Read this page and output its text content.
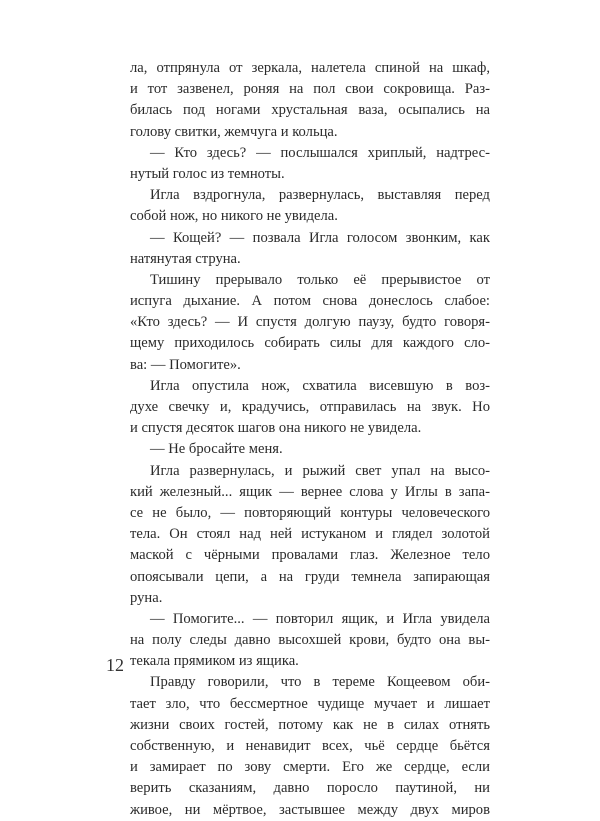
ла, отпрянула от зеркала, налетела спиной на шкаф,
и тот зазвенел, роняя на пол свои сокровища. Раз-
билась под ногами хрустальная ваза, осыпались на
голову свитки, жемчуга и кольца.
— Кто здесь? — послышался хриплый, надтрес-
нутый голос из темноты.
Игла вздрогнула, развернулась, выставляя перед
собой нож, но никого не увидела.
— Кощей? — позвала Игла голосом звонким, как
натянутая струна.
Тишину прерывало только её прерывистое от
испуга дыхание. А потом снова донеслось слабое:
«Кто здесь? — И спустя долгую паузу, будто говоря-
щему приходилось собирать силы для каждого сло-
ва: — Помогите».
Игла опустила нож, схватила висевшую в воз-
духе свечку и, крадучись, отправилась на звук. Но
и спустя десяток шагов она никого не увидела.
— Не бросайте меня.
Игла развернулась, и рыжий свет упал на высо-
кий железный... ящик — вернее слова у Иглы в запа-
се не было, — повторяющий контуры человеческого
тела. Он стоял над ней истуканом и глядел золотой
маской с чёрными провалами глаз. Железное тело
опоясывали цепи, а на груди темнела запирающая
руна.
— Помогите... — повторил ящик, и Игла увидела
на полу следы давно высохшей крови, будто она вы-
текала прямиком из ящика.
Правду говорили, что в тереме Кощеевом оби-
тает зло, что бессмертное чудище мучает и лишает
жизни своих гостей, потому как не в силах отнять
собственную, и ненавидит всех, чьё сердце бьётся
и замирает по зову смерти. Его же сердце, если
верить сказаниям, давно поросло паутиной, ни
живое, ни мёртвое, застывшее между двух миров
12
